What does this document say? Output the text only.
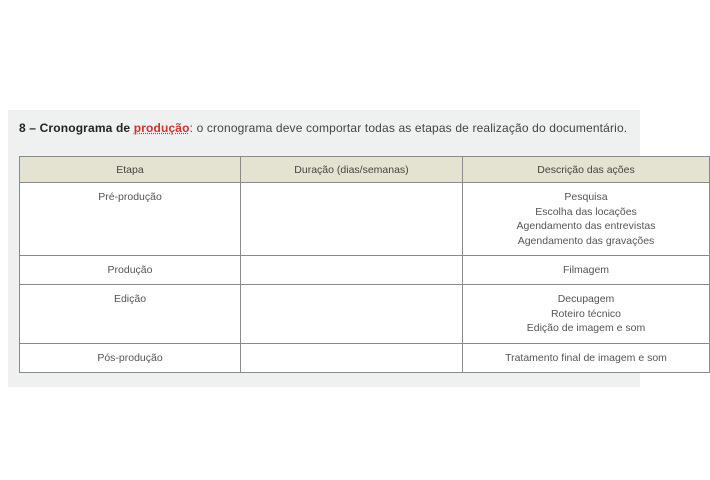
8 – Cronograma de produção: o cronograma deve comportar todas as etapas de realização do documentário.
Etapa	Duração (dias/semanas)	Descrição das ações
Pré-produção		Pesquisa
Escolha das locações
Agendamento das entrevistas
Agendamento das gravações

Produção		Filmagem

Edição		Decupagem
Roteiro técnico
Edição de imagem e som

Pós-produção		Tratamento final de imagem e som
